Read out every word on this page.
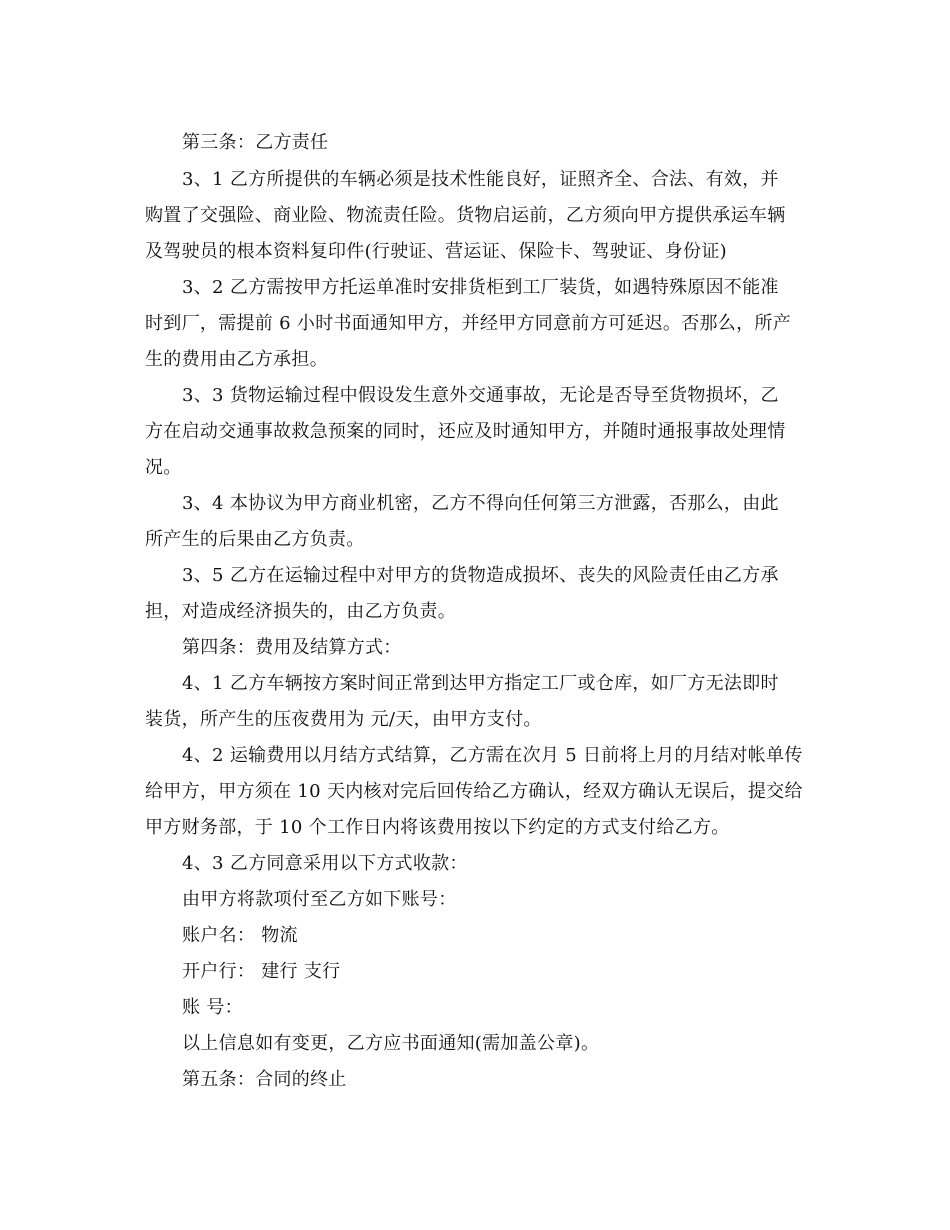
第三条：乙方责任
3、1 乙方所提供的车辆必须是技术性能良好，证照齐全、合法、有效，并
购置了交强险、商业险、物流责任险。货物启运前，乙方须向甲方提供承运车辆
及驾驶员的根本资料复印件(行驶证、营运证、保险卡、驾驶证、身份证)
3、2 乙方需按甲方托运单准时安排货柜到工厂装货，如遇特殊原因不能准
时到厂，需提前 6 小时书面通知甲方，并经甲方同意前方可延迟。否那么，所产
生的费用由乙方承担。
3、3 货物运输过程中假设发生意外交通事故，无论是否导至货物损坏，乙
方在启动交通事故救急预案的同时，还应及时通知甲方，并随时通报事故处理情
况。
3、4 本协议为甲方商业机密，乙方不得向任何第三方泄露，否那么，由此
所产生的后果由乙方负责。
3、5 乙方在运输过程中对甲方的货物造成损坏、丧失的风险责任由乙方承
担，对造成经济损失的，由乙方负责。
第四条：费用及结算方式：
4、1 乙方车辆按方案时间正常到达甲方指定工厂或仓库，如厂方无法即时
装货，所产生的压夜费用为 元/天，由甲方支付。
4、2 运输费用以月结方式结算，乙方需在次月 5 日前将上月的月结对帐单传
给甲方，甲方须在 10 天内核对完后回传给乙方确认，经双方确认无误后，提交给
甲方财务部，于 10 个工作日内将该费用按以下约定的方式支付给乙方。
4、3 乙方同意采用以下方式收款：
由甲方将款项付至乙方如下账号：
账户名： 物流
开户行： 建行 支行
账 号：
以上信息如有变更，乙方应书面通知(需加盖公章)。
第五条：合同的终止
